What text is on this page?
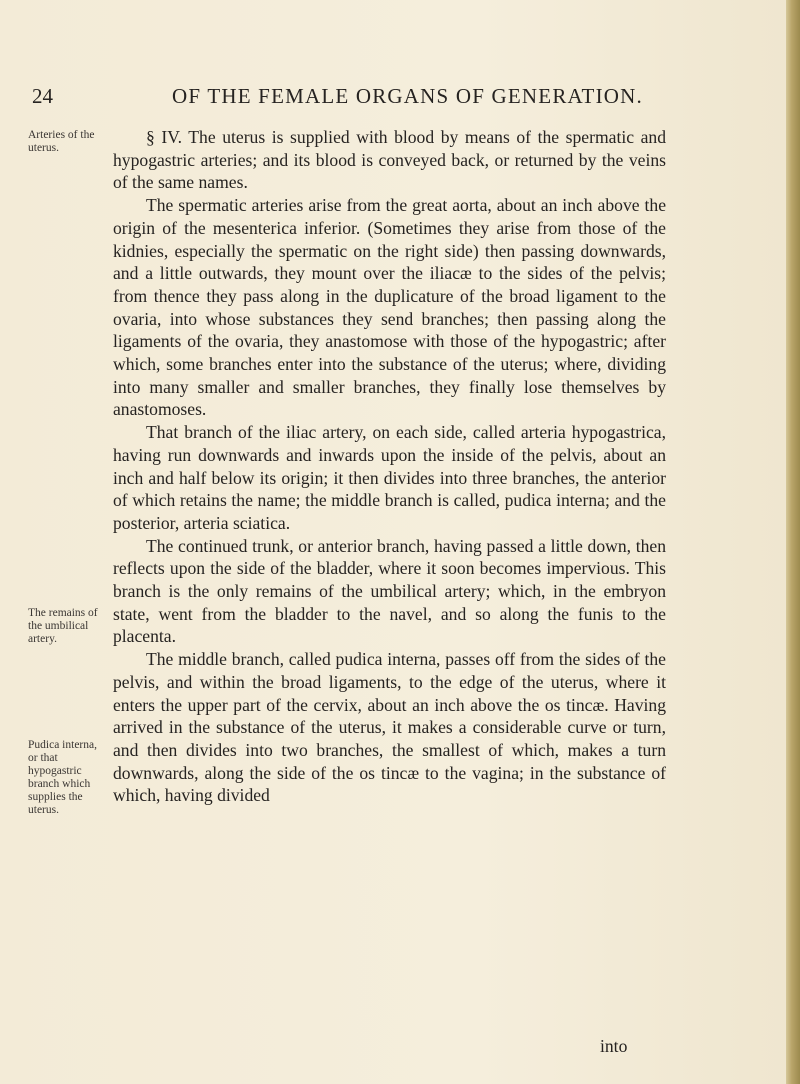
24	OF THE FEMALE ORGANS OF GENERATION.
Arteries of the uterus.
The remains of the umbilical artery.
Pudica interna, or that hypogastric branch which supplies the uterus.

§ IV. The uterus is supplied with blood by means of the spermatic and hypogastric arteries; and its blood is conveyed back, or returned by the veins of the same names.

The spermatic arteries arise from the great aorta, about an inch above the origin of the mesenterica inferior. (Sometimes they arise from those of the kidnies, especially the spermatic on the right side) then passing downwards, and a little outwards, they mount over the iliacæ to the sides of the pelvis; from thence they pass along in the duplicature of the broad ligament to the ovaria, into whose substances they send branches; then passing along the ligaments of the ovaria, they anastomose with those of the hypogastric; after which, some branches enter into the substance of the uterus; where, dividing into many smaller and smaller branches, they finally lose themselves by anastomoses.

That branch of the iliac artery, on each side, called arteria hypogastrica, having run downwards and inwards upon the inside of the pelvis, about an inch and half below its origin; it then divides into three branches, the anterior of which retains the name; the middle branch is called, pudica interna; and the posterior, arteria sciatica.

The continued trunk, or anterior branch, having passed a little down, then reflects upon the side of the bladder, where it soon becomes impervious. This branch is the only remains of the umbilical artery; which, in the embryon state, went from the bladder to the navel, and so along the funis to the placenta.

The middle branch, called pudica interna, passes off from the sides of the pelvis, and within the broad ligaments, to the edge of the uterus, where it enters the upper part of the cervix, about an inch above the os tincæ. Having arrived in the substance of the uterus, it makes a considerable curve or turn, and then divides into two branches, the smallest of which, makes a turn downwards, along the side of the os tincæ to the vagina; in the substance of which, having divided

into
